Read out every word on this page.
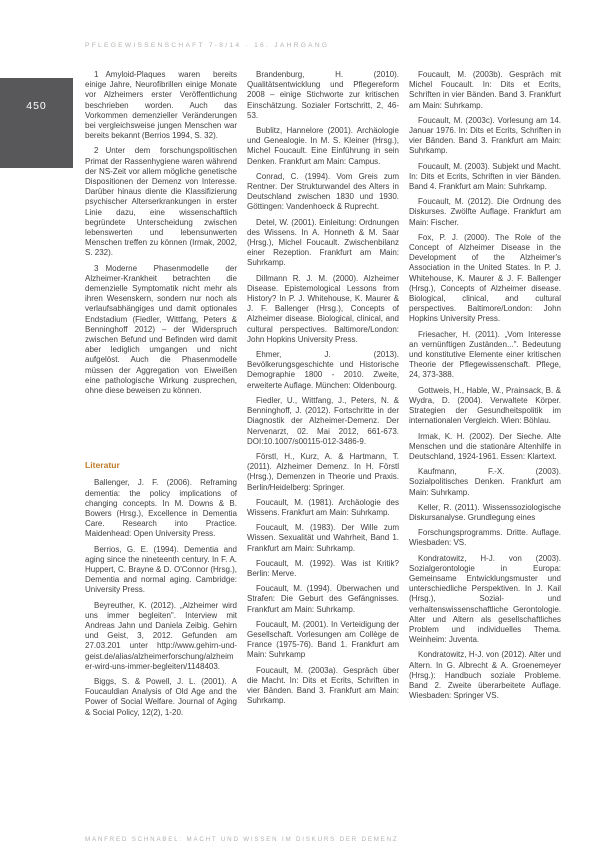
PFLEGEWISSENSCHAFT 7-8/14 · 16. JAHRGANG
450

1 Amyloid-Plaques waren bereits einige Jahre, Neurofibrillen einige Monate vor Alzheimers erster Veröffentlichung beschrieben worden. Auch das Vorkommen demenzieller Veränderungen bei vergleichsweise jungen Menschen war bereits bekannt (Berrios 1994, S. 32).

2 Unter dem forschungspolitischen Primat der Rassenhygiene waren während der NS-Zeit vor allem mögliche genetische Dispositionen der Demenz von Interesse. Darüber hinaus diente die Klassifizierung psychischer Alterserkrankungen in erster Linie dazu, eine wissenschaftlich begründete Unterscheidung zwischen lebenswerten und lebensunwerten Menschen treffen zu können (Irmak, 2002, S. 232).

3 Moderne Phasenmodelle der Alzheimer-Krankheit betrachten die demenzielle Symptomatik nicht mehr als ihren Wesenskern, sondern nur noch als verlaufsabhängiges und damit optionales Endstadium (Fiedler, Wittfang, Peters & Benninghoff 2012) – der Widerspruch zwischen Befund und Befinden wird damit aber lediglich umgangen und nicht aufgelöst. Auch die Phasenmodelle müssen der Aggregation von Eiweißen eine pathologische Wirkung zusprechen, ohne diese beweisen zu können.

Literatur

Ballenger, J. F. (2006). Reframing dementia: the policy implications of changing concepts. In M. Downs & B. Bowers (Hrsg.), Excellence in Dementia Care. Research into Practice. Maidenhead: Open University Press.

Berrios, G. E. (1994). Dementia and aging since the nineteenth century. In F. A. Huppert, C. Brayne & D. O'Connor (Hrsg.), Dementia and normal aging. Cambridge: University Press.

Beyreuther, K. (2012). „Alzheimer wird uns immer begleiten". Interview mit Andreas Jahn und Daniela Zeibig. Gehirn und Geist, 3, 2012. Gefunden am 27.03.201 unter http://www.gehirn-und-geist.de/alias/alzheimerforschung/alzheimer-wird-uns-immer-begleiten/1148403.

Biggs, S. & Powell, J. L. (2001). A Foucauldian Analysis of Old Age and the Power of Social Welfare. Journal of Aging & Social Policy, 12(2), 1-20.

Brandenburg, H. (2010). Qualitätsentwicklung und Pflegereform 2008 – einige Stichworte zur kritischen Einschätzung. Sozialer Fortschritt, 2, 46-53.

Bublitz, Hannelore (2001). Archäologie und Genealogie. In M. S. Kleiner (Hrsg.), Michel Foucault. Eine Einführung in sein Denken. Frankfurt am Main: Campus.

Conrad, C. (1994). Vom Greis zum Rentner. Der Strukturwandel des Alters in Deutschland zwischen 1830 und 1930. Göttingen: Vandenhoeck & Ruprecht.

Detel, W. (2001). Einleitung: Ordnungen des Wissens. In A. Honneth & M. Saar (Hrsg.), Michel Foucault. Zwischenbilanz einer Rezeption. Frankfurt am Main: Suhrkamp.

Dillmann R. J. M. (2000). Alzheimer Disease. Epistemological Lessons from History? In P. J. Whitehouse, K. Maurer & J. F. Ballenger (Hrsg.), Concepts of Alzheimer disease. Biological, clinical, and cultural perspectives. Baltimore/London: John Hopkins University Press.

Ehmer, J. (2013). Bevölkerungsgeschichte und Historische Demographie 1800 - 2010. Zweite, erweiterte Auflage. München: Oldenbourg.

Fiedler, U., Wittfang, J., Peters, N. & Benninghoff, J. (2012). Fortschritte in der Diagnostik der Alzheimer-Demenz. Der Nervenarzt, 02. Mai 2012, 661-673. DOI:10.1007/s00115-012-3486-9.

Förstl, H., Kurz, A. & Hartmann, T. (2011). Alzheimer Demenz. In H. Förstl (Hrsg.), Demenzen in Theorie und Praxis. Berlin/Heidelberg: Springer.

Foucault, M. (1981). Archäologie des Wissens. Frankfurt am Main: Suhrkamp.

Foucault, M. (1983). Der Wille zum Wissen. Sexualität und Wahrheit, Band 1. Frankfurt am Main: Suhrkamp.

Foucault, M. (1992). Was ist Kritik? Berlin: Merve.

Foucault, M. (1994). Überwachen und Strafen: Die Geburt des Gefängnisses. Frankfurt am Main: Suhrkamp.

Foucault, M. (2001). In Verteidigung der Gesellschaft. Vorlesungen am Collège de France (1975-76). Band 1. Frankfurt am Main: Suhrkamp

Foucault, M. (2003a). Gespräch über die Macht. In: Dits et Ecrits, Schriften in vier Bänden. Band 3. Frankfurt am Main: Suhrkamp.

Foucault, M. (2003b). Gespräch mit Michel Foucault. In: Dits et Ecrits, Schriften in vier Bänden. Band 3. Frankfurt am Main: Suhrkamp.

Foucault, M. (2003c). Vorlesung am 14. Januar 1976. In: Dits et Ecrits, Schriften in vier Bänden. Band 3. Frankfurt am Main: Suhrkamp.

Foucault, M. (2003). Subjekt und Macht. In: Dits et Ecrits, Schriften in vier Bänden. Band 4. Frankfurt am Main: Suhrkamp.

Foucault, M. (2012). Die Ordnung des Diskurses. Zwölfte Auflage. Frankfurt am Main: Fischer.

Fox, P. J. (2000). The Role of the Concept of Alzheimer Disease in the Development of the Alzheimer's Association in the United States. In P. J. Whitehouse, K. Maurer & J. F. Ballenger (Hrsg.), Concepts of Alzheimer disease. Biological, clinical, and cultural perspectives. Baltimore/London: John Hopkins University Press.

Friesacher, H. (2011). „Vom Interesse an vernünftigen Zuständen...". Bedeutung und konstitutive Elemente einer kritischen Theorie der Pflegewissenschaft. Pflege, 24, 373-388.

Gottweis, H., Hable, W., Prainsack, B. & Wydra, D. (2004). Verwaltete Körper. Strategien der Gesundheitspolitik im internationalen Vergleich. Wien: Böhlau.

Irmak, K. H. (2002). Der Sieche. Alte Menschen und die stationäre Altenhilfe in Deutschland, 1924-1961. Essen: Klartext.

Kaufmann, F.-X. (2003). Sozialpolitisches Denken. Frankfurt am Main: Suhrkamp.

Keller, R. (2011). Wissenssoziologische Diskursanalyse. Grundlegung eines

Forschungsprogramms. Dritte. Auflage. Wiesbaden: VS.

Kondratowitz, H-J. von (2003). Sozialgerontologie in Europa: Gemeinsame Entwicklungsmuster und unterschiedliche Perspektiven. In J. Kail (Hrsg.), Sozial- und verhaltenswissenschaftliche Gerontologie. Alter und Altern als gesellschaftliches Problem und individuelles Thema. Weinheim: Juventa.

Kondratowitz, H-J. von (2012). Alter und Altern. In G. Albrecht & A. Groenemeyer (Hrsg.): Handbuch soziale Probleme. Band 2. Zweite überarbeitete Auflage. Wiesbaden: Springer VS.

MANFRED SCHNABEL: MACHT UND WISSEN IM DISKURS DER DEMENZ
